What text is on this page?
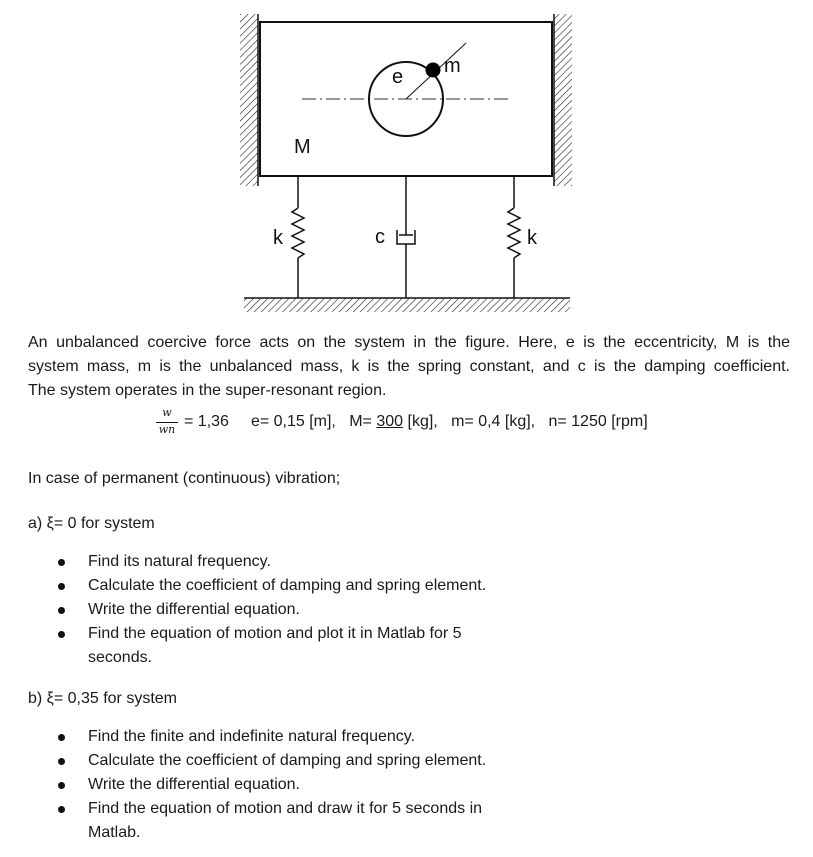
e m
M
k	c	k
An unbalanced coercive force acts on the system in the figure. Here, e is the eccentricity, M is the
system mass, m is the unbalanced mass, k is the spring constant, and c is the damping coefficient.
The system operates in the super-resonant region.
w
wn = 1,36 e= 0,15 [m], M= 300 [kg], m= 0,4 [kg], n= 1250 [rpm]
In case of permanent (continuous) vibration;
a) ξ= 0 for system
Find its natural frequency.
Calculate the coefficient of damping and spring element.
Write the differential equation.
Find the equation of motion and plot it in Matlab for 5 seconds.
b) ξ= 0,35 for system
Find the finite and indefinite natural frequency.
Calculate the coefficient of damping and spring element.
Write the differential equation.
Find the equation of motion and draw it for 5 seconds in Matlab.
